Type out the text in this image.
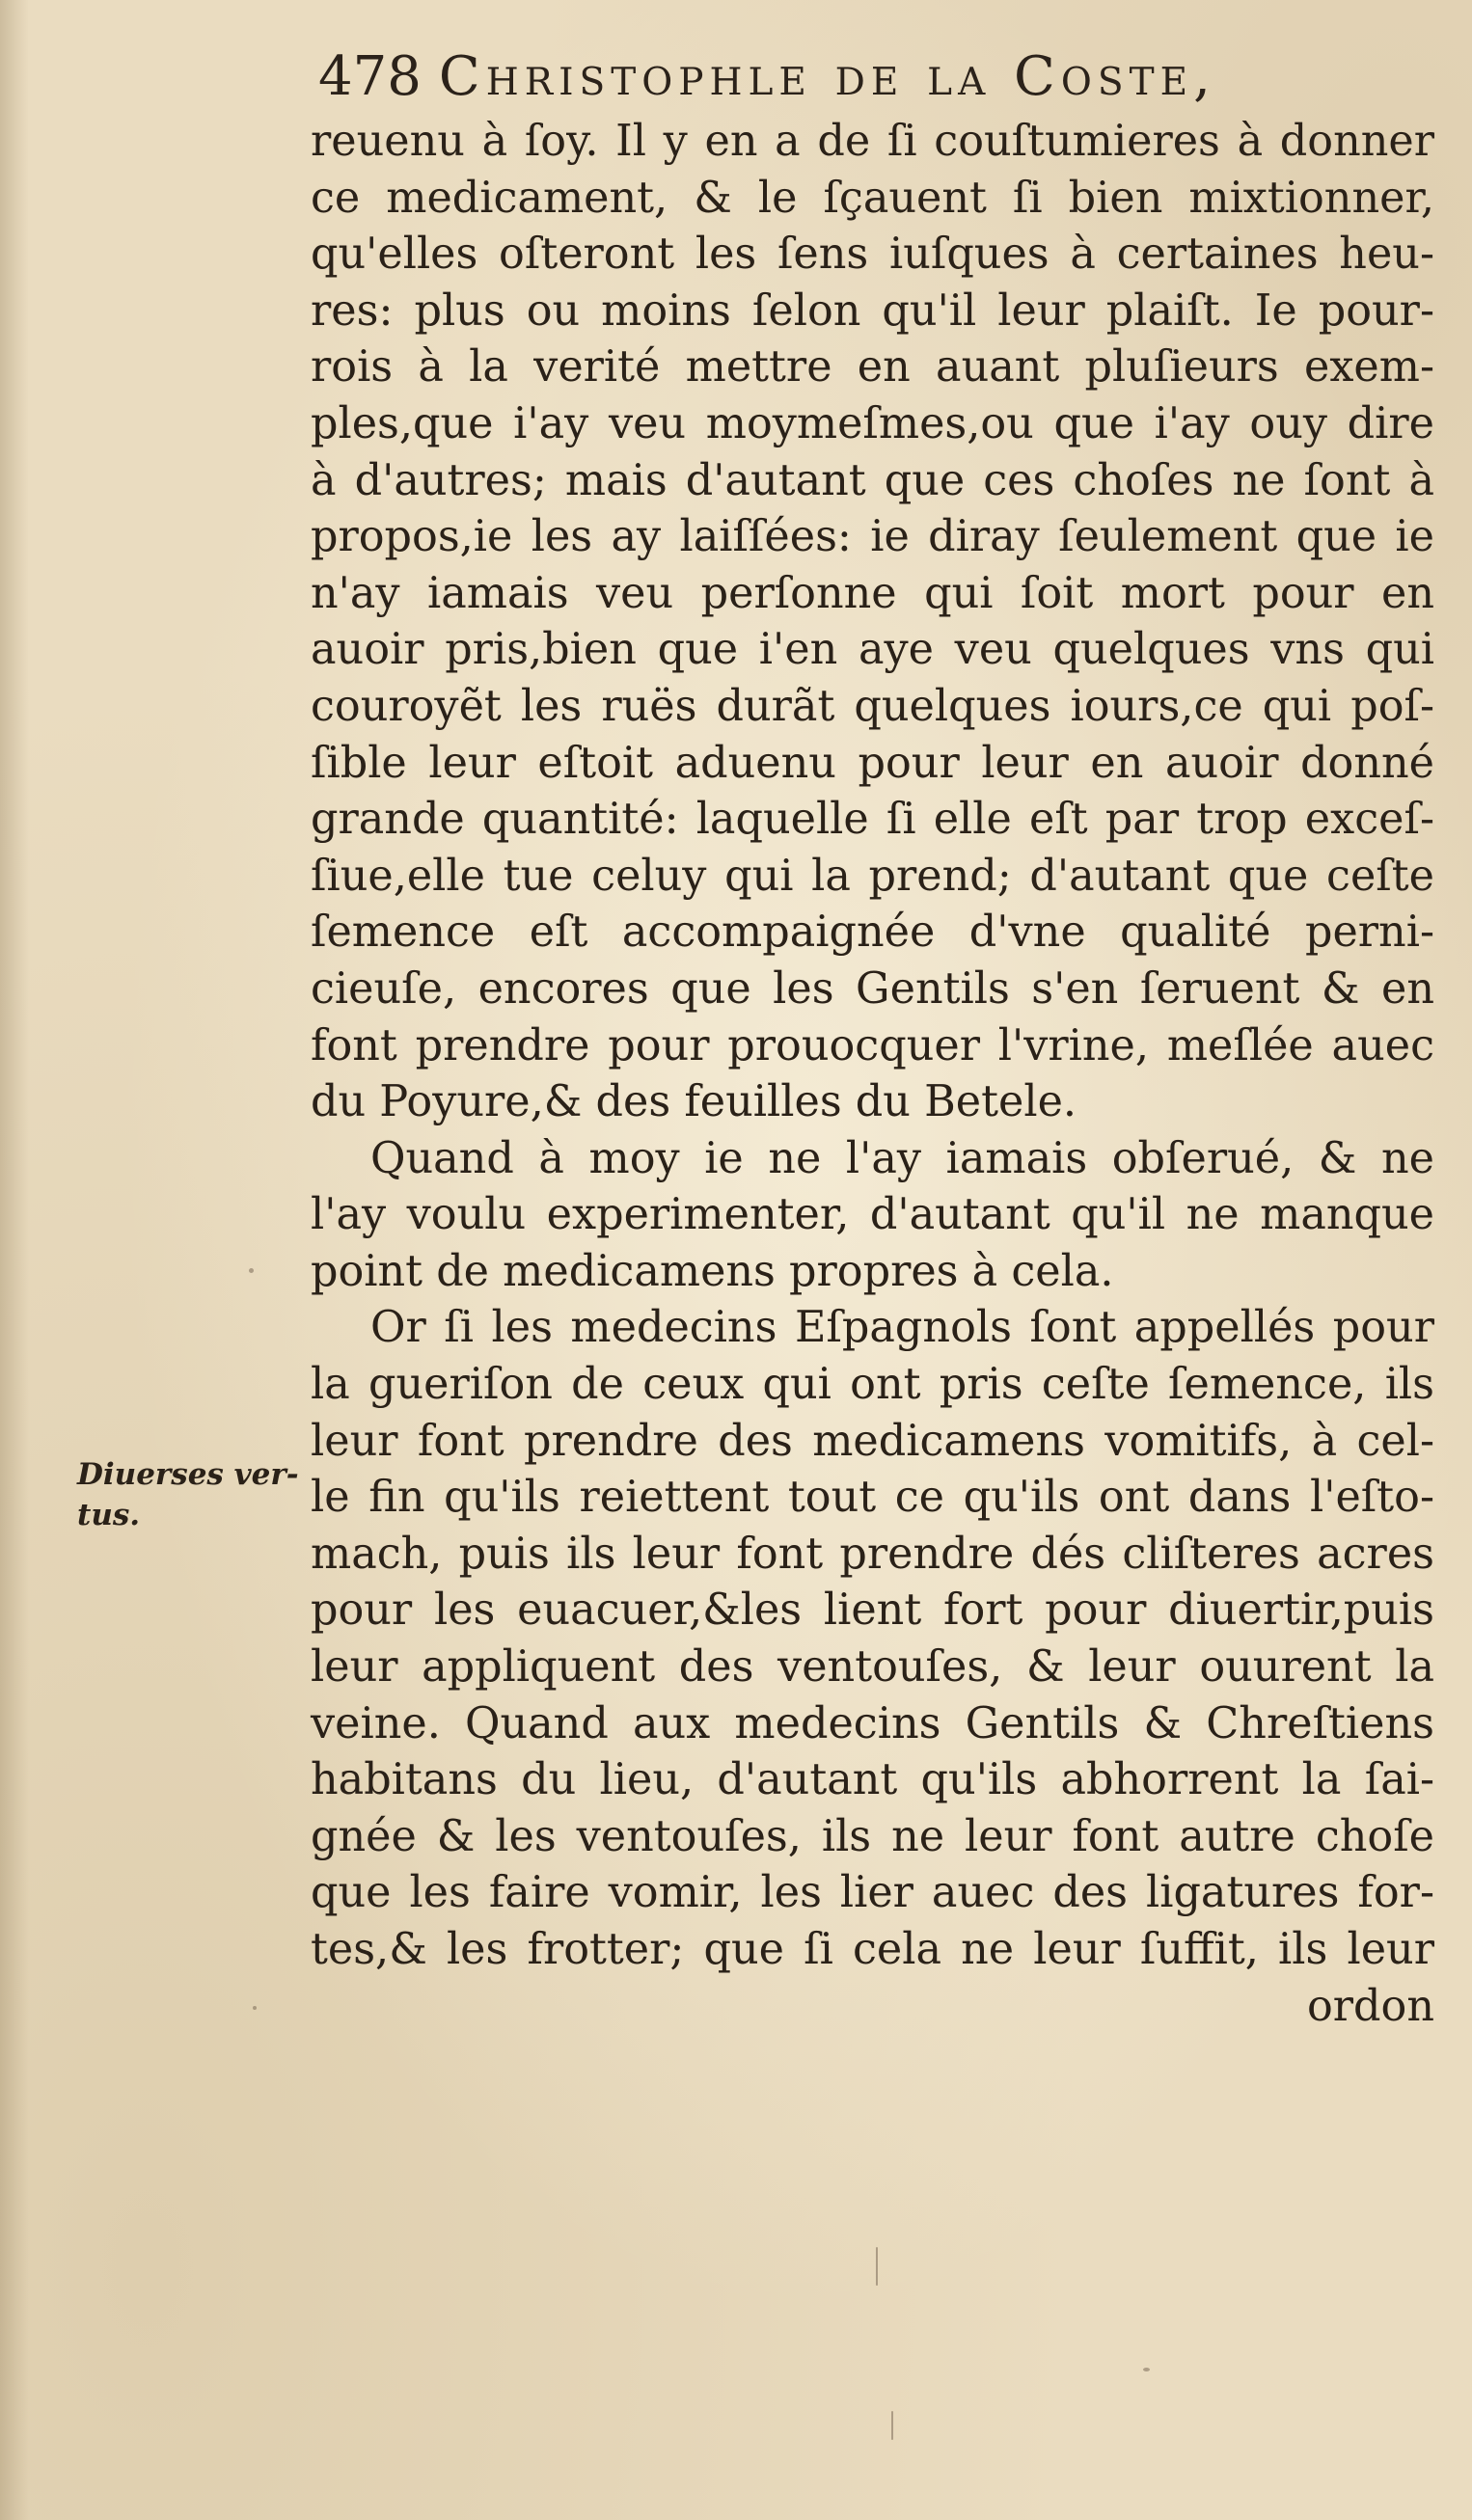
478 Christophle de la Coste,
Diuerses ver-
tus.
reuenu à ſoy. Il y en a de ſi couſtumieres à donner
ce medicament, & le ſçauent ſi bien mixtionner,
qu'elles oſteront les ſens iuſques à certaines heu-
res: plus ou moins ſelon qu'il leur plaiſt. Ie pour-
rois à la verité mettre en auant pluſieurs exem-
ples,que i'ay veu moymeſmes,ou que i'ay ouy dire
à d'autres; mais d'autant que ces choſes ne ſont à
propos,ie les ay laiſſées: ie diray ſeulement que ie
n'ay iamais veu perſonne qui ſoit mort pour en
auoir pris,bien que i'en aye veu quelques vns qui
couroyẽt les ruës durãt quelques iours,ce qui poſ-
ſible leur eſtoit aduenu pour leur en auoir donné
grande quantité: laquelle ſi elle eſt par trop exceſ-
ſiue,elle tue celuy qui la prend; d'autant que ceſte
ſemence eſt accompaignée d'vne qualité perni-
cieuſe, encores que les Gentils s'en ſeruent & en
font prendre pour prouocquer l'vrine, meſlée auec
du Poyure,& des feuilles du Betele.
Quand à moy ie ne l'ay iamais obſerué, & ne
l'ay voulu experimenter, d'autant qu'il ne manque
point de medicamens propres à cela.
Or ſi les medecins Eſpagnols ſont appellés pour
la gueriſon de ceux qui ont pris ceſte ſemence, ils
leur font prendre des medicamens vomitifs, à cel-
le fin qu'ils reiettent tout ce qu'ils ont dans l'eſto-
mach, puis ils leur font prendre dés cliſteres acres
pour les euacuer,&les lient fort pour diuertir,puis
leur appliquent des ventouſes, & leur ouurent la
veine. Quand aux medecins Gentils & Chreſtiens
habitans du lieu, d'autant qu'ils abhorrent la ſai-
gnée & les ventouſes, ils ne leur font autre choſe
que les faire vomir, les lier auec des ligatures for-
tes,& les frotter; que ſi cela ne leur ſuffit, ils leur
ordon
